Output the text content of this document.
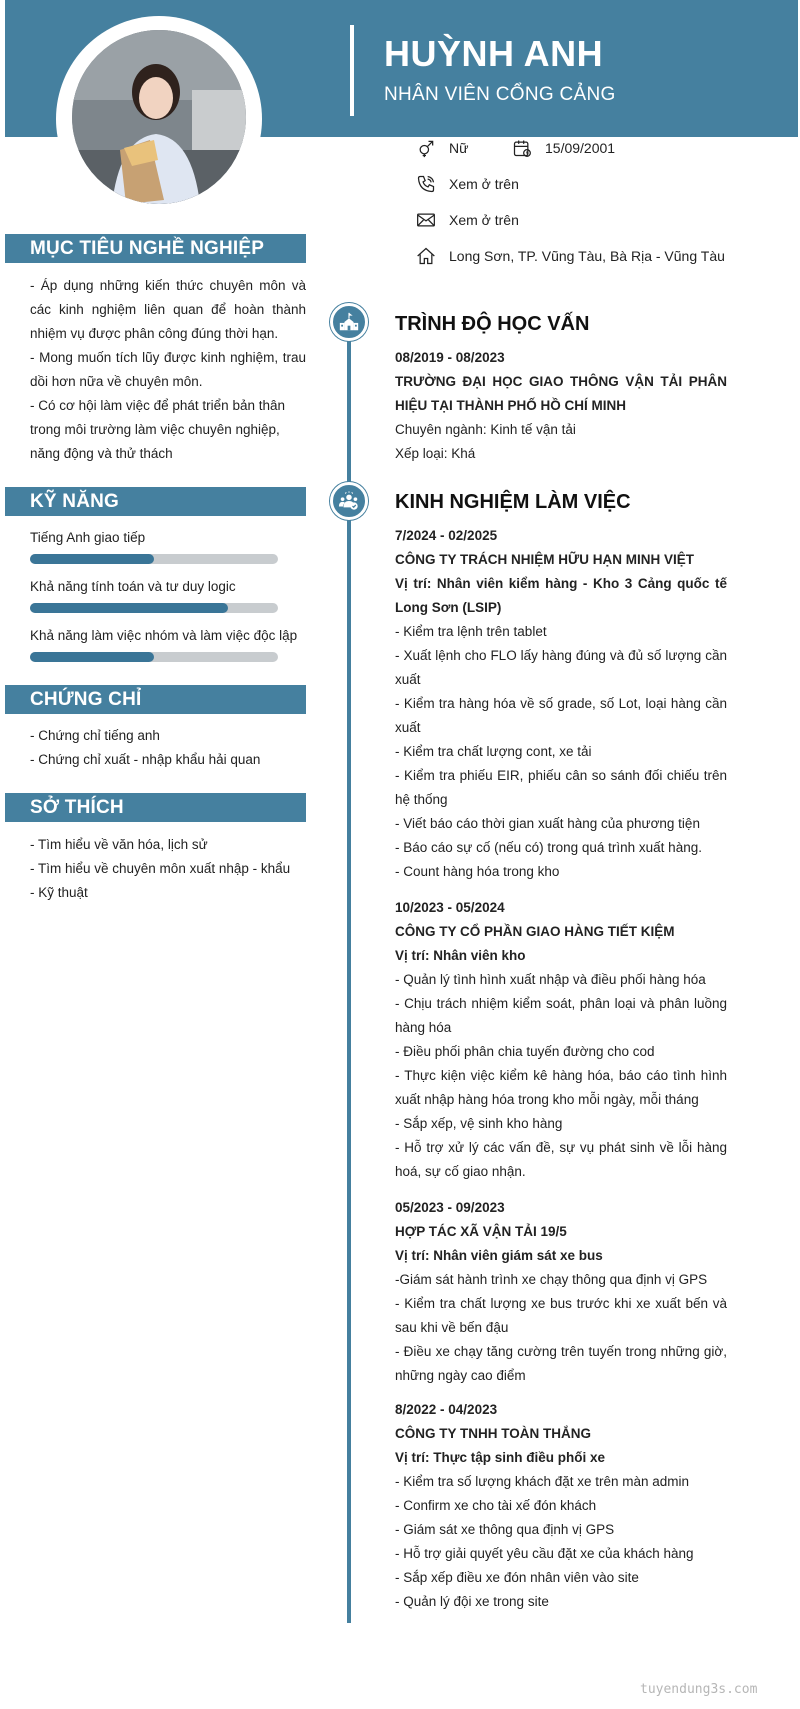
HUỲNH ANH
NHÂN VIÊN CỔNG CẢNG
Nữ	15/09/2001
Xem ở trên
Xem ở trên
Long Sơn, TP. Vũng Tàu, Bà Rịa - Vũng Tàu
MỤC TIÊU NGHỀ NGHIỆP

- Áp dụng những kiến thức chuyên môn và các kinh nghiệm liên quan để hoàn thành nhiệm vụ được phân công đúng thời hạn.

- Mong muốn tích lũy được kinh nghiệm, trau dồi hơn nữa về chuyên môn.

- Có cơ hội làm việc để phát triển bản thân trong môi trường làm việc chuyên nghiệp, năng động và thử thách

KỸ NĂNG
Tiếng Anh giao tiếp
Khả năng tính toán và tư duy logic
Khả năng làm việc nhóm và làm việc độc lập
CHỨNG CHỈ

- Chứng chỉ tiếng anh

- Chứng chỉ xuất - nhập khẩu hải quan

SỞ THÍCH

- Tìm hiểu về văn hóa, lịch sử

- Tìm hiểu về chuyên môn xuất nhập - khẩu

- Kỹ thuật

TRÌNH ĐỘ HỌC VẤN

08/2019 - 08/2023

TRƯỜNG ĐẠI HỌC GIAO THÔNG VẬN TẢI PHÂN HIỆU TẠI THÀNH PHỐ HỒ CHÍ MINH

Chuyên ngành: Kinh tế vận tải

Xếp loại: Khá

KINH NGHIỆM LÀM VIỆC

7/2024 - 02/2025

CÔNG TY TRÁCH NHIỆM HỮU HẠN MINH VIỆT

Vị trí: Nhân viên kiểm hàng - Kho 3 Cảng quốc tế Long Sơn (LSIP)

- Kiểm tra lệnh trên tablet

- Xuất lệnh cho FLO lấy hàng đúng và đủ số lượng cần xuất

- Kiểm tra hàng hóa về số grade, số Lot, loại hàng cần xuất

- Kiểm tra chất lượng cont, xe tải

- Kiểm tra phiếu EIR, phiếu cân so sánh đối chiếu trên hệ thống

- Viết báo cáo thời gian xuất hàng của phương tiện

- Báo cáo sự cố (nếu có) trong quá trình xuất hàng.

- Count hàng hóa trong kho

10/2023 - 05/2024

CÔNG TY CỔ PHẦN GIAO HÀNG TIẾT KIỆM

Vị trí: Nhân viên kho

- Quản lý tình hình xuất nhập và điều phối hàng hóa

- Chịu trách nhiệm kiểm soát, phân loại và phân luồng hàng hóa

- Điều phối phân chia tuyến đường cho cod

- Thực kiện việc kiểm kê hàng hóa, báo cáo tình hình xuất nhập hàng hóa trong kho mỗi ngày, mỗi tháng

- Sắp xếp, vệ sinh kho hàng

- Hỗ trợ xử lý các vấn đề, sự vụ phát sinh về lỗi hàng hoá, sự cố giao nhận.

05/2023 - 09/2023

HỢP TÁC XÃ VẬN TẢI 19/5

Vị trí: Nhân viên giám sát xe bus

-Giám sát hành trình xe chạy thông qua định vị GPS

- Kiểm tra chất lượng xe bus trước khi xe xuất bến và sau khi về bến đậu

- Điều xe chạy tăng cường trên tuyến trong những giờ, những ngày cao điểm

8/2022 - 04/2023

CÔNG TY TNHH TOÀN THẮNG

Vị trí: Thực tập sinh điều phối xe

- Kiểm tra số lượng khách đặt xe trên màn admin

- Confirm xe cho tài xế đón khách

- Giám sát xe thông qua định vị GPS

- Hỗ trợ giải quyết yêu cầu đặt xe của khách hàng

- Sắp xếp điều xe đón nhân viên vào site

- Quản lý đội xe trong site

tuyendung3s.com
